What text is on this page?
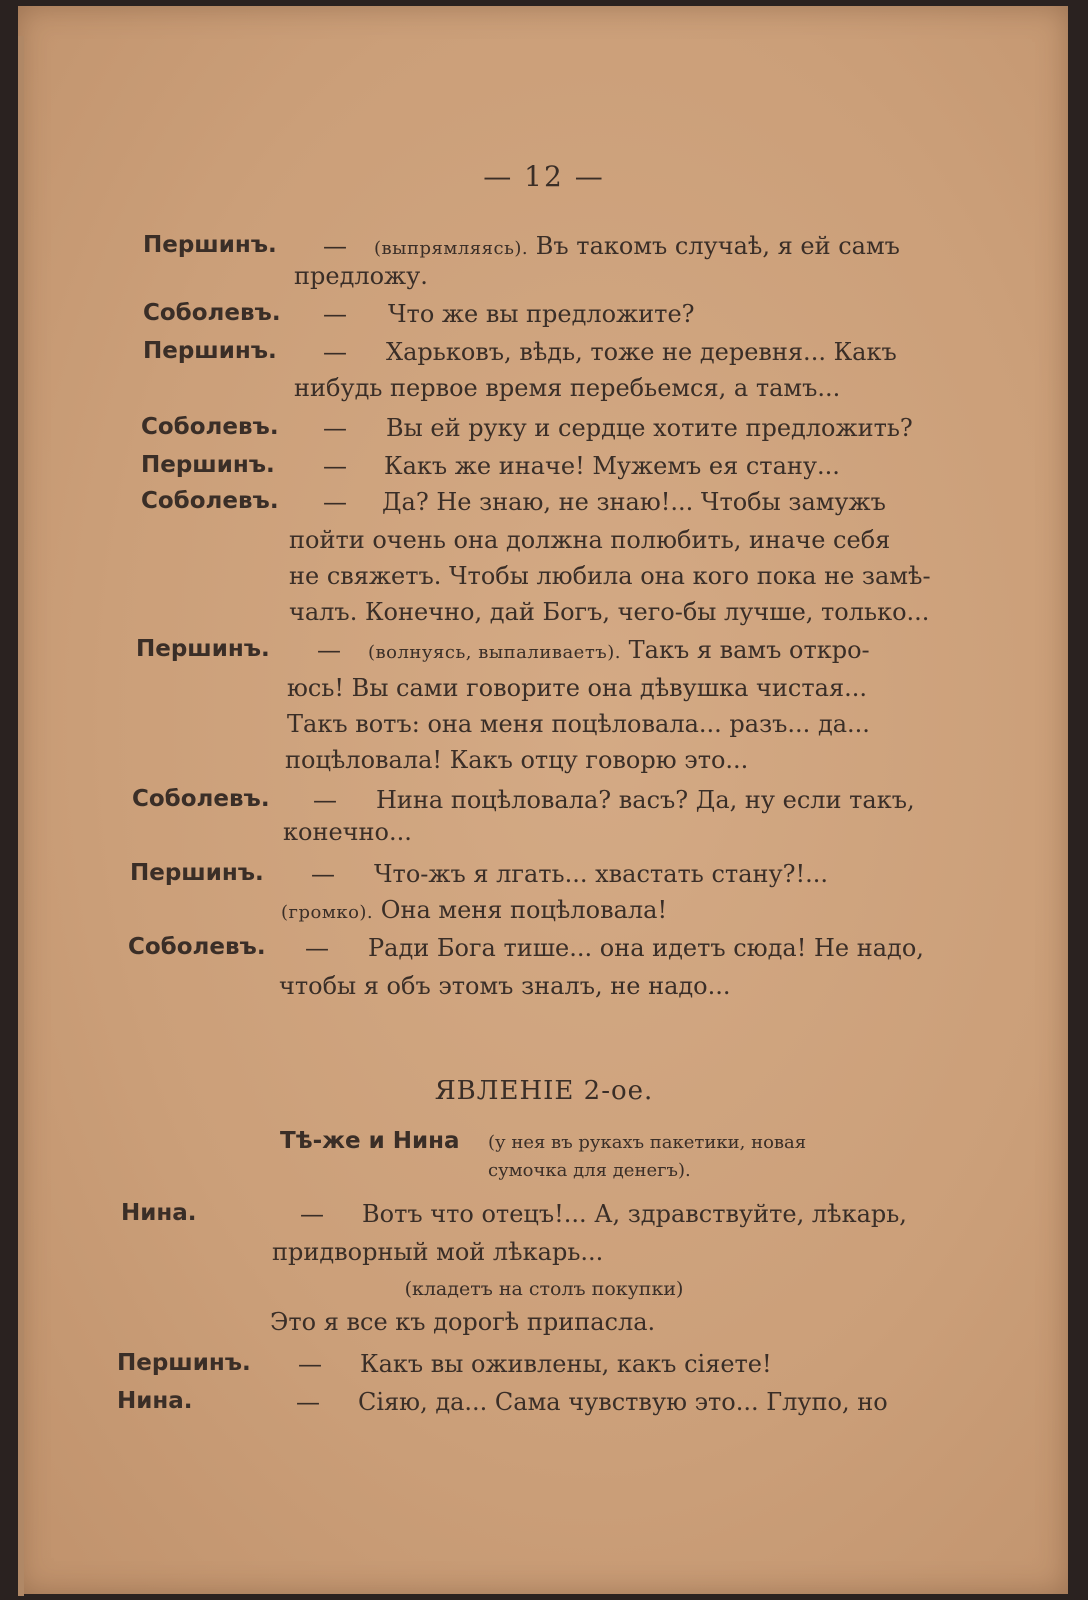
— 12 —
Першинъ. — (выпрямляясь). Въ такомъ случаѣ, я ей самъ
предложу.
Соболевъ. — Что же вы предложите?
Першинъ. — Харьковъ, вѣдь, тоже не деревня... Какъ
нибудь первое время перебьемся, а тамъ...
Соболевъ. — Вы ей руку и сердце хотите предложить?
Першинъ. — Какъ же иначе! Мужемъ ея стану...
Соболевъ. — Да? Не знаю, не знаю!... Чтобы замужъ
пойти очень она должна полюбить, иначе себя
не свяжетъ. Чтобы любила она кого пока не замѣ-
чалъ. Конечно, дай Богъ, чего-бы лучше, только...
Першинъ. — (волнуясь, выпаливаетъ). Такъ я вамъ откро-
юсь! Вы сами говорите она дѣвушка чистая...
Такъ вотъ: она меня поцѣловала... разъ... да...
поцѣловала! Какъ отцу говорю это...
Соболевъ. — Нина поцѣловала? васъ? Да, ну если такъ,
конечно...
Першинъ. — Что-жъ я лгать... хвастать стану?!...
(громко). Она меня поцѣловала!
Соболевъ. — Ради Бога тише... она идетъ сюда! Не надо,
чтобы я объ этомъ зналъ, не надо...
ЯВЛЕНІЕ 2-ое.
Тѣ-же и Нина (у нея въ рукахъ пакетики, новая
сумочка для денегъ).
Нина.	— Вотъ что отецъ!... А, здравствуйте, лѣкарь,
придворный мой лѣкарь...
(кладетъ на столъ покупки)
Это я все къ дорогѣ припасла.
Першинъ. — Какъ вы оживлены, какъ сіяете!
Нина.	— Сіяю, да... Сама чувствую это... Глупо, но
